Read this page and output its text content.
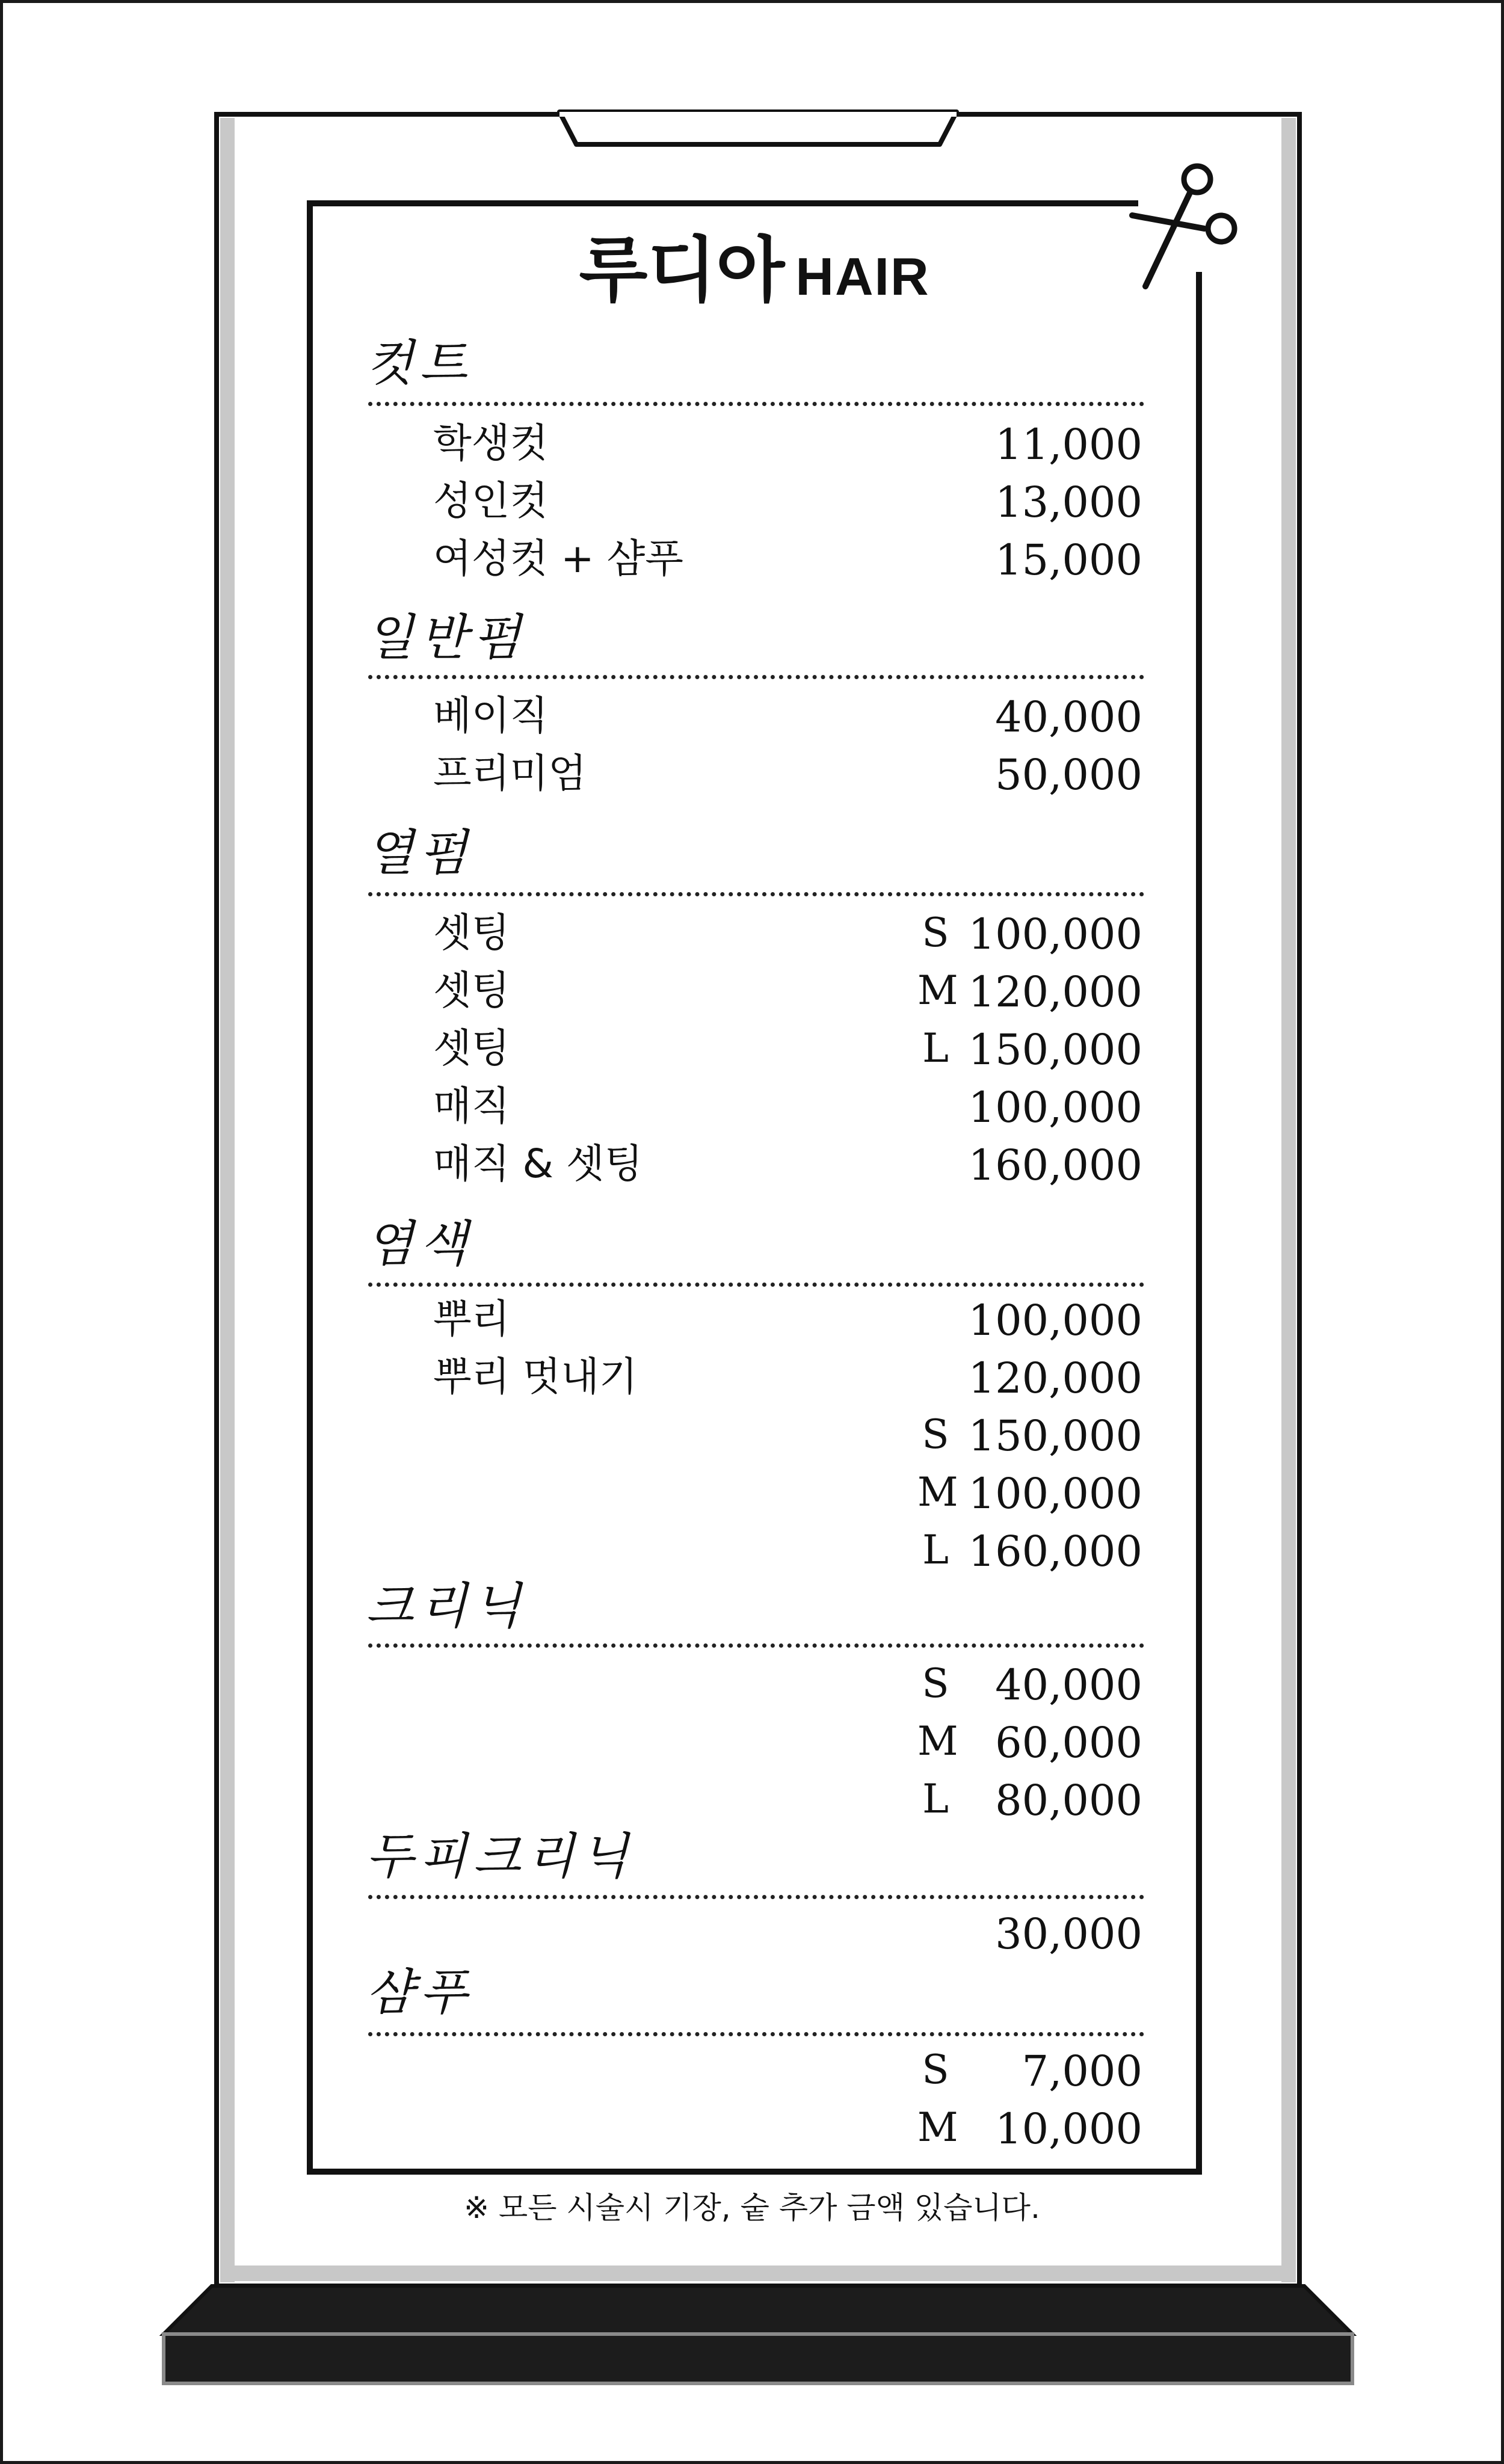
루디아 HAIR
컷트
학생컷	11,000
성인컷	13,000
여성컷 + 샴푸	15,000
일반펌
베이직	40,000
프리미엄	50,000
열펌
셋팅	S 100,000
셋팅	M 120,000
셋팅	L 150,000
매직	100,000
매직 & 셋팅	160,000
염색
뿌리	100,000
뿌리 멋내기	120,000
S 150,000
M 100,000
L 160,000
크리닉
S	40,000
M 60,000
L	80,000
두피크리닉
30,000
샴푸
S	7,000
M 10,000
※ 모든 시술시 기장, 숱 추가 금액 있습니다.
